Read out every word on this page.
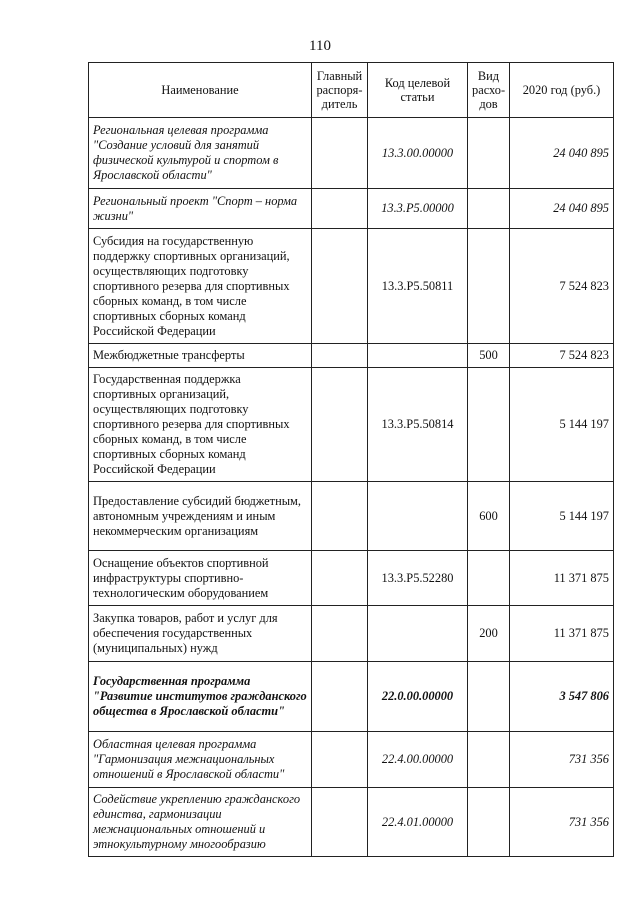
110
Наименование	Главный распоря-дитель	Код целевой статьи	Вид расхо-дов	2020 год (руб.)
Региональная целевая программа "Создание условий для занятий физической культурой и спортом в Ярославской области"		13.3.00.00000		24 040 895
Региональный проект "Спорт – норма жизни"		13.3.Р5.00000		24 040 895
Субсидия на государственную поддержку спортивных организаций, осуществляющих подготовку спортивного резерва для спортивных сборных команд, в том числе спортивных сборных команд Российской Федерации		13.3.Р5.50811		7 524 823
Межбюджетные трансферты			500	7 524 823
Государственная поддержка спортивных организаций, осуществляющих подготовку спортивного резерва для спортивных сборных команд, в том числе спортивных сборных команд Российской Федерации		13.3.Р5.50814		5 144 197
Предоставление субсидий бюджетным, автономным учреждениям и иным некоммерческим организациям			600	5 144 197
Оснащение объектов спортивной инфраструктуры спортивно-технологическим оборудованием		13.3.Р5.52280		11 371 875
Закупка товаров, работ и услуг для обеспечения государственных (муниципальных) нужд			200	11 371 875
Государственная программа "Развитие институтов гражданского общества в Ярославской области"		22.0.00.00000		3 547 806
Областная целевая программа "Гармонизация межнациональных отношений в Ярославской области"		22.4.00.00000		731 356
Содействие укреплению гражданского единства, гармонизации межнациональных отношений и этнокультурному многообразию		22.4.01.00000		731 356
